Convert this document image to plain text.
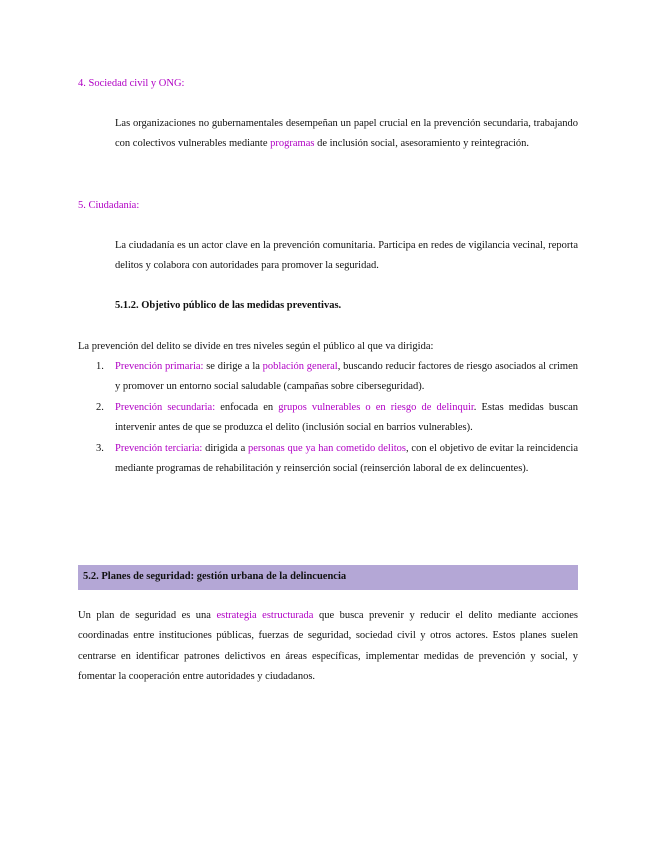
4. Sociedad civil y ONG:
Las organizaciones no gubernamentales desempeñan un papel crucial en la prevención secundaria, trabajando con colectivos vulnerables mediante programas de inclusión social, asesoramiento y reintegración.
5. Ciudadanía:
La ciudadanía es un actor clave en la prevención comunitaria. Participa en redes de vigilancia vecinal, reporta delitos y colabora con autoridades para promover la seguridad.
5.1.2. Objetivo público de las medidas preventivas.
La prevención del delito se divide en tres niveles según el público al que va dirigida:
1. Prevención primaria: se dirige a la población general, buscando reducir factores de riesgo asociados al crimen y promover un entorno social saludable (campañas sobre ciberseguridad).
2. Prevención secundaria: enfocada en grupos vulnerables o en riesgo de delinquir. Estas medidas buscan intervenir antes de que se produzca el delito (inclusión social en barrios vulnerables).
3. Prevención terciaria: dirigida a personas que ya han cometido delitos, con el objetivo de evitar la reincidencia mediante programas de rehabilitación y reinserción social (reinserción laboral de ex delincuentes).
5.2. Planes de seguridad: gestión urbana de la delincuencia
Un plan de seguridad es una estrategia estructurada que busca prevenir y reducir el delito mediante acciones coordinadas entre instituciones públicas, fuerzas de seguridad, sociedad civil y otros actores. Estos planes suelen centrarse en identificar patrones delictivos en áreas específicas, implementar medidas de prevención y social, y fomentar la cooperación entre autoridades y ciudadanos.
